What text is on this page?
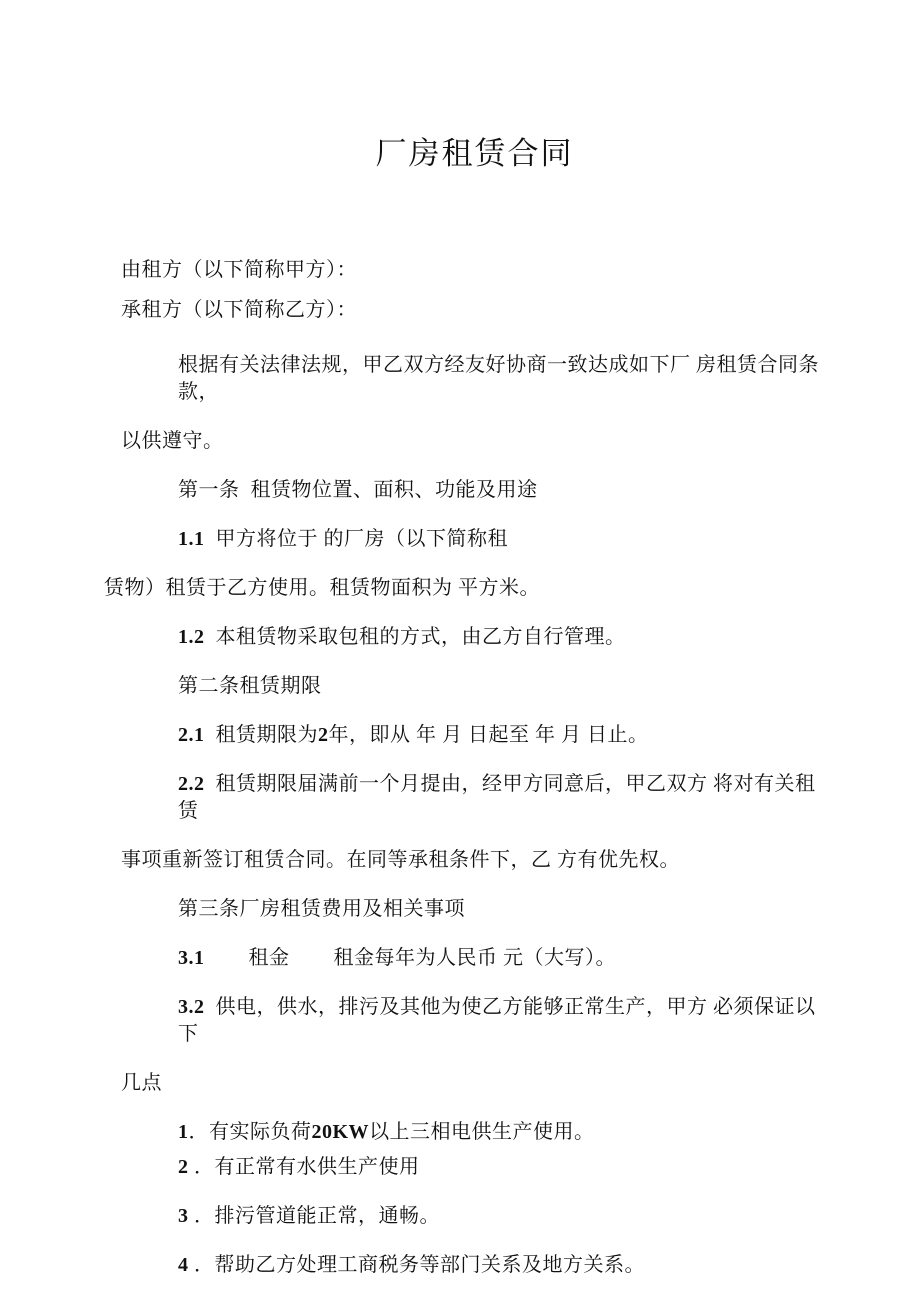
厂房租赁合同
由租方（以下简称甲方）：
承租方（以下简称乙方）：
根据有关法律法规，甲乙双方经友好协商一致达成如下厂 房租赁合同条款，
以供遵守。
第一条  租赁物位置、面积、功能及用途
1.1  甲方将位于 的厂房（以下简称租
赁物）租赁于乙方使用。租赁物面积为 平方米。
1.2  本租赁物采取包租的方式，由乙方自行管理。
第二条租赁期限
2.1  租赁期限为2年，即从 年 月 日起至 年 月 日止。
2.2  租赁期限届满前一个月提由，经甲方同意后，甲乙双方 将对有关租赁
事项重新签订租赁合同。在同等承租条件下，乙 方有优先权。
第三条厂房租赁费用及相关事项
3.1        租金        租金每年为人民币 元（大写）。
3.2  供电，供水，排污及其他为使乙方能够正常生产，甲方 必须保证以下
几点
1．有实际负荷20KW以上三相电供生产使用。
2 ．有正常有水供生产使用
3 ．排污管道能正常，通畅。
4 ．帮助乙方处理工商税务等部门关系及地方关系。
